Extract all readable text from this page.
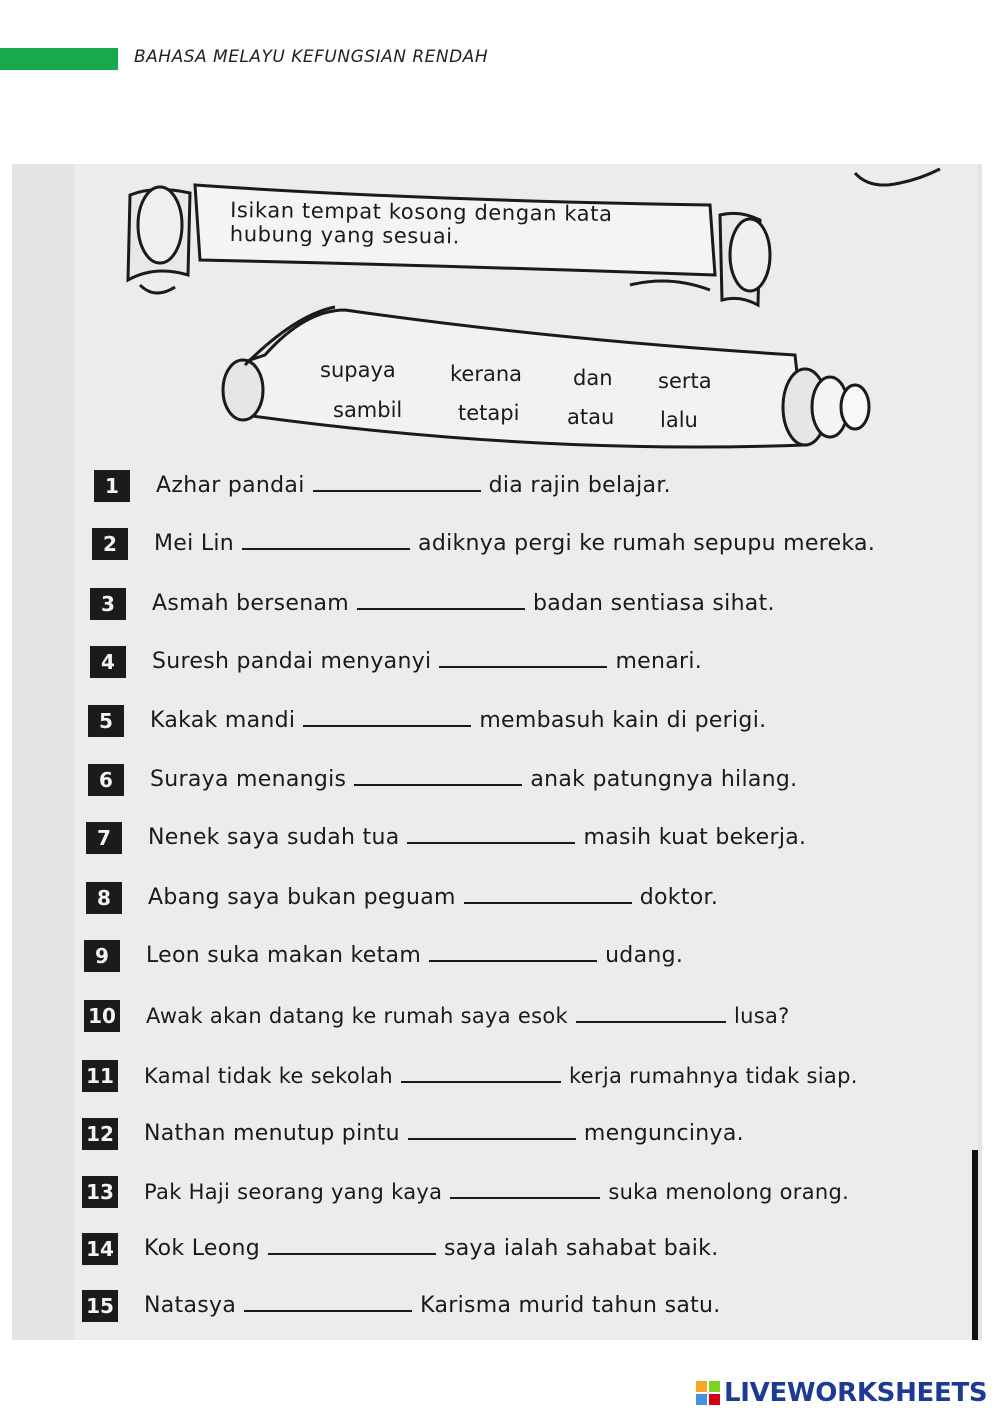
BAHASA MELAYU KEFUNGSIAN RENDAH
Isikan tempat kosong dengan kata
hubung yang sesuai.
supaya	kerana dan serta
sambil	tetapi atau lalu
1	Azhar pandai	dia rajin belajar.
2	Mei Lin	adiknya pergi ke rumah sepupu mereka.
3	Asmah bersenam	badan sentiasa sihat.
4	Suresh pandai menyanyi	menari.
5	Kakak mandi	membasuh kain di perigi.
6	Suraya menangis	anak patungnya hilang.
7	Nenek saya sudah tua	masih kuat bekerja.
8	Abang saya bukan peguam	doktor.
9	Leon suka makan ketam	udang.
10 Awak akan datang ke rumah saya esok	lusa?
11 Kamal tidak ke sekolah	kerja rumahnya tidak siap.
12 Nathan menutup pintu	menguncinya.
13 Pak Haji seorang yang kaya	suka menolong orang.
14 Kok Leong	saya ialah sahabat baik.
15 Natasya	Karisma murid tahun satu.
LIVEWORKSHEETS
